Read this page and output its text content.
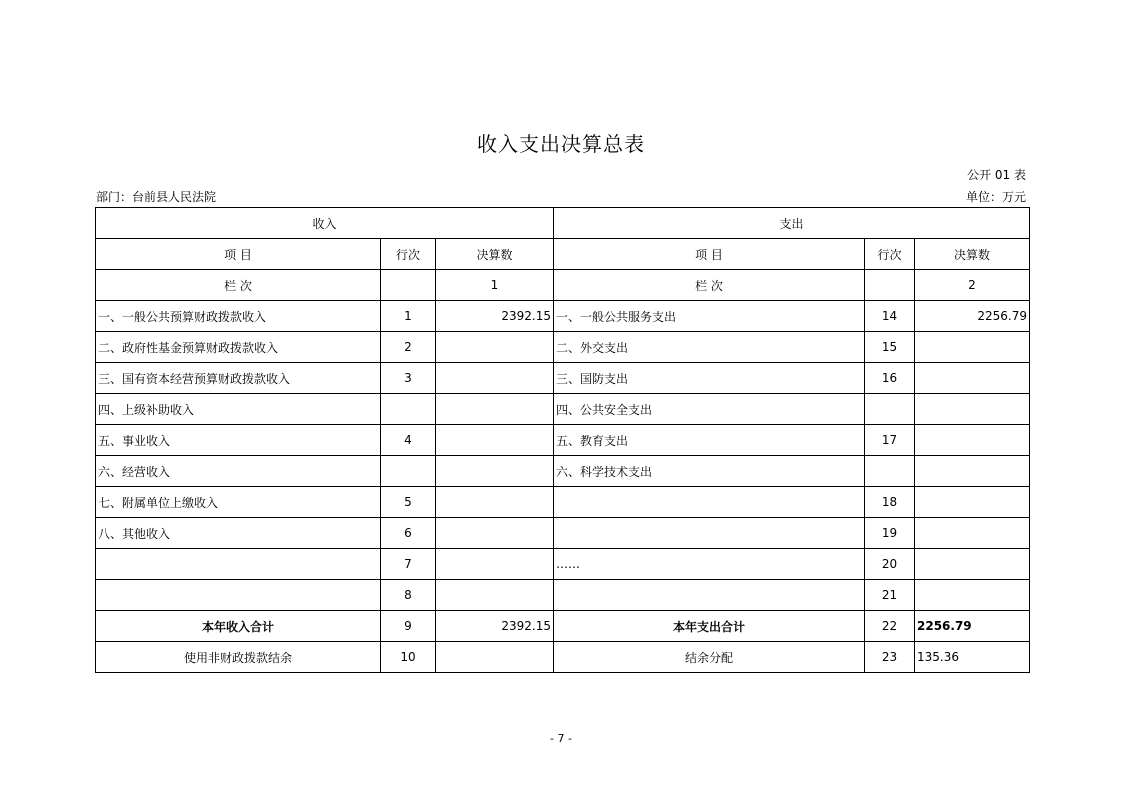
收入支出决算总表
公开 01 表
部门：台前县人民法院	单位：万元
收入			支出		
项 目	行次	决算数	项 目	行次	决算数
栏 次		1	栏 次		2
一、一般公共预算财政拨款收入	1	2392.15	一、一般公共服务支出	14	2256.79
二、政府性基金预算财政拨款收入	2		二、外交支出	15	
三、国有资本经营预算财政拨款收入	3		三、国防支出	16	
四、上级补助收入			四、公共安全支出		
五、事业收入	4		五、教育支出	17	
六、经营收入			六、科学技术支出		
七、附属单位上缴收入	5			18	
八、其他收入	6			19	
	7		……	20	
	8			21	
本年收入合计	9	2392.15	本年支出合计	22	2256.79
使用非财政拨款结余	10		结余分配	23	135.36
- 7 -
